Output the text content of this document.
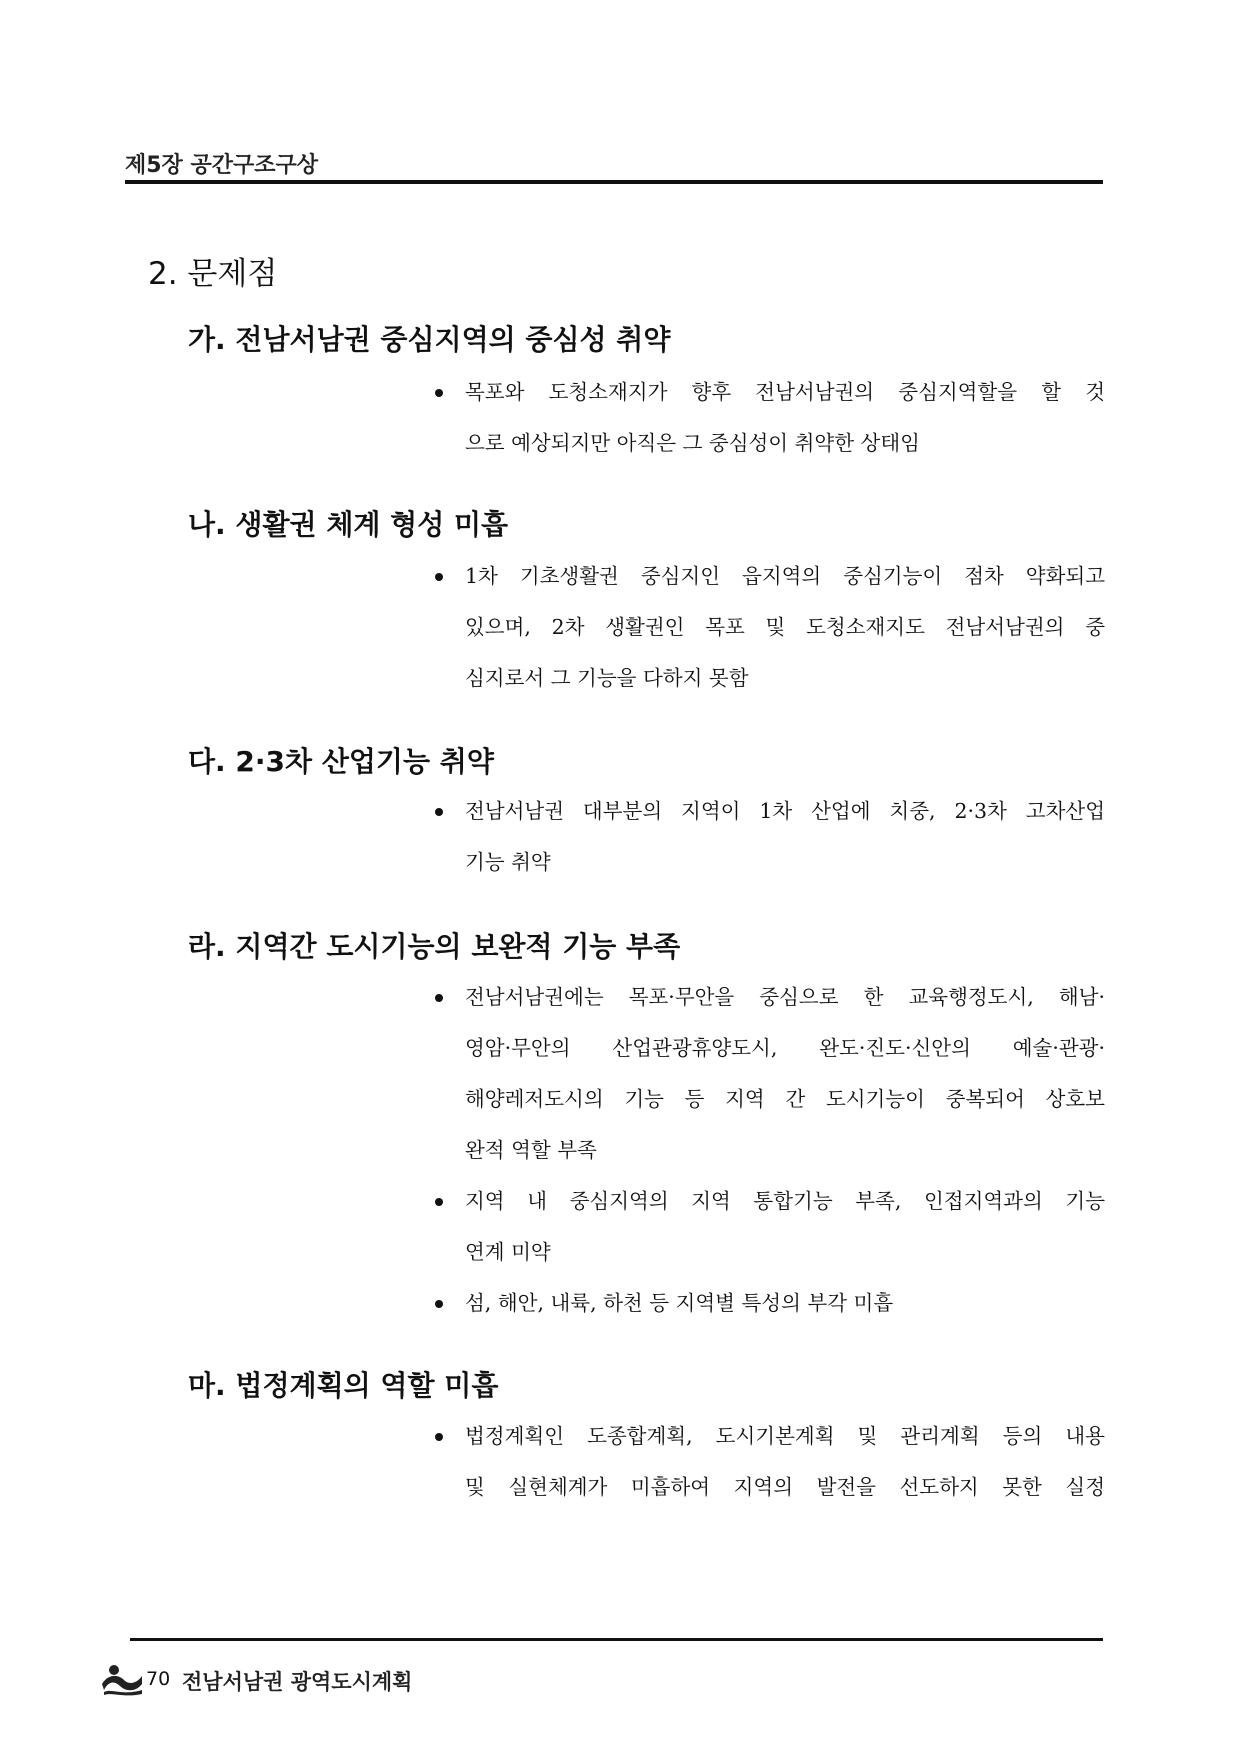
제5장 공간구조구상
2. 문제점
가. 전남서남권 중심지역의 중심성 취약
목포와 도청소재지가 향후 전남서남권의 중심지역할을 할 것
으로 예상되지만 아직은 그 중심성이 취약한 상태임
나. 생활권 체계 형성 미흡
1차 기초생활권 중심지인 읍지역의 중심기능이 점차 약화되고
있으며, 2차 생활권인 목포 및 도청소재지도 전남서남권의 중
심지로서 그 기능을 다하지 못함
다. 2·3차 산업기능 취약
전남서남권 대부분의 지역이 1차 산업에 치중, 2·3차 고차산업
기능 취약
라. 지역간 도시기능의 보완적 기능 부족
전남서남권에는 목포·무안을 중심으로 한 교육행정도시, 해남·
영암·무안의 산업관광휴양도시, 완도·진도·신안의 예술·관광·
해양레저도시의 기능 등 지역 간 도시기능이 중복되어 상호보
완적 역할 부족
지역 내 중심지역의 지역 통합기능 부족, 인접지역과의 기능
연계 미약
섬, 해안, 내륙, 하천 등 지역별 특성의 부각 미흡
마. 법정계획의 역할 미흡
법정계획인 도종합계획, 도시기본계획 및 관리계획 등의 내용
및 실현체계가 미흡하여 지역의 발전을 선도하지 못한 실정
70 전남서남권 광역도시계획
